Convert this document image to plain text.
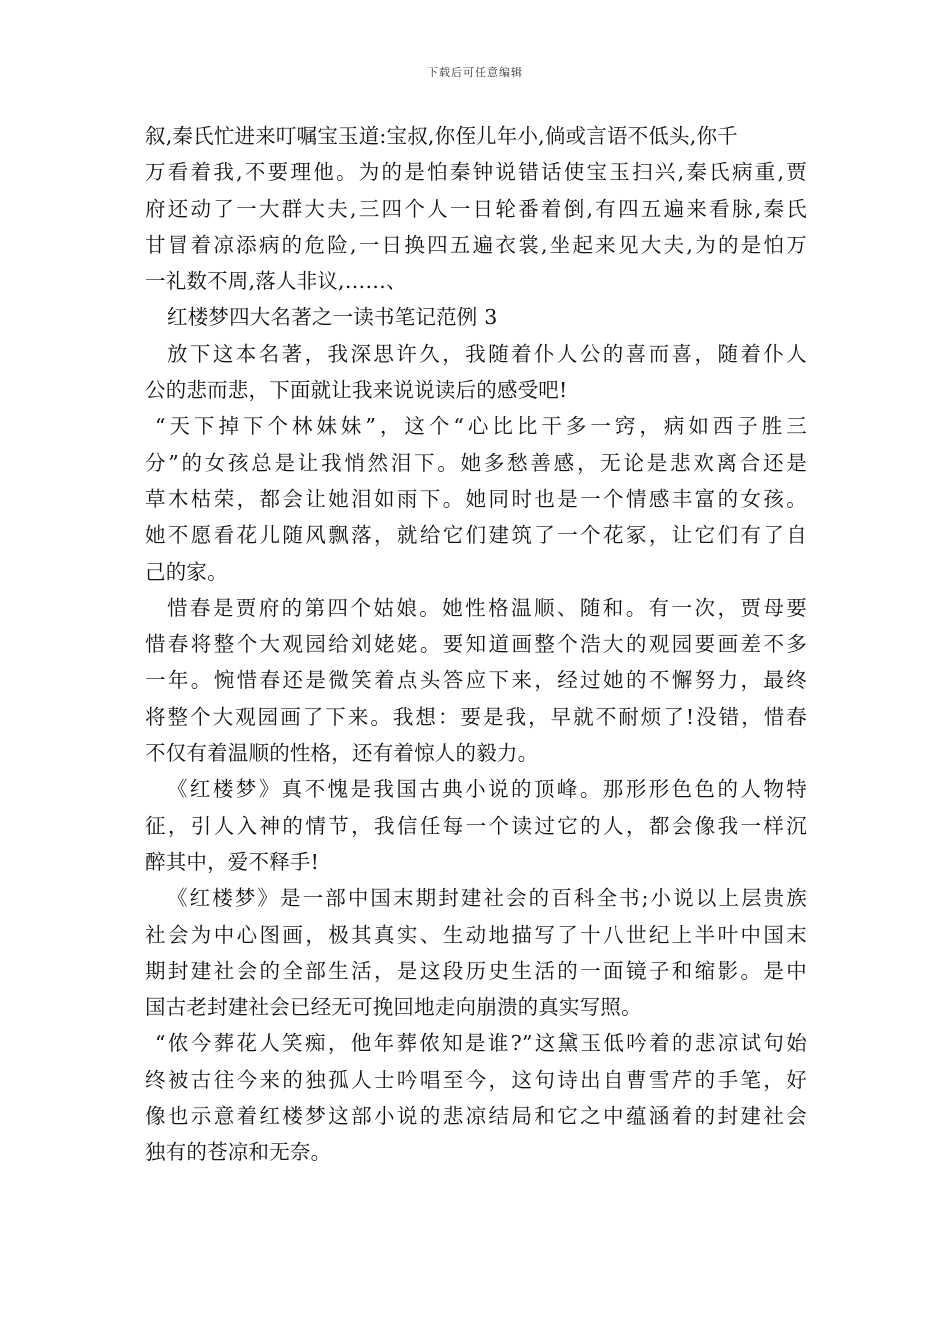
下载后可任意编辑
叙,秦氏忙进来叮嘱宝玉道:宝叔,你侄儿年小,倘或言语不低头,你千
万看着我,不要理他。为的是怕秦钟说错话使宝玉扫兴,秦氏病重,贾
府还动了一大群大夫,三四个人一日轮番着倒,有四五遍来看脉,秦氏
甘冒着凉添病的危险,一日换四五遍衣裳,坐起来见大夫,为的是怕万
一礼数不周,落人非议,……、
红楼梦四大名著之一读书笔记范例 3
放下这本名著，我深思许久，我随着仆人公的喜而喜，随着仆人
公的悲而悲，下面就让我来说说读后的感受吧!
“天下掉下个林妹妹”，这个“心比比干多一窍，病如西子胜三
分”的女孩总是让我悄然泪下。她多愁善感，无论是悲欢离合还是
草木枯荣，都会让她泪如雨下。她同时也是一个情感丰富的女孩。
她不愿看花儿随风飘落，就给它们建筑了一个花冢，让它们有了自
己的家。
惜春是贾府的第四个姑娘。她性格温顺、随和。有一次，贾母要
惜春将整个大观园给刘姥姥。要知道画整个浩大的观园要画差不多
一年。惋惜春还是微笑着点头答应下来，经过她的不懈努力，最终
将整个大观园画了下来。我想：要是我，早就不耐烦了!没错，惜春
不仅有着温顺的性格，还有着惊人的毅力。
《红楼梦》真不愧是我国古典小说的顶峰。那形形色色的人物特
征，引人入神的情节，我信任每一个读过它的人，都会像我一样沉
醉其中，爱不释手!
《红楼梦》是一部中国末期封建社会的百科全书;小说以上层贵族
社会为中心图画，极其真实、生动地描写了十八世纪上半叶中国末
期封建社会的全部生活，是这段历史生活的一面镜子和缩影。是中
国古老封建社会已经无可挽回地走向崩溃的真实写照。
“侬今葬花人笑痴，他年葬侬知是谁?”这黛玉低吟着的悲凉试句始
终被古往今来的独孤人士吟唱至今，这句诗出自曹雪芹的手笔，好
像也示意着红楼梦这部小说的悲凉结局和它之中蕴涵着的封建社会
独有的苍凉和无奈。
